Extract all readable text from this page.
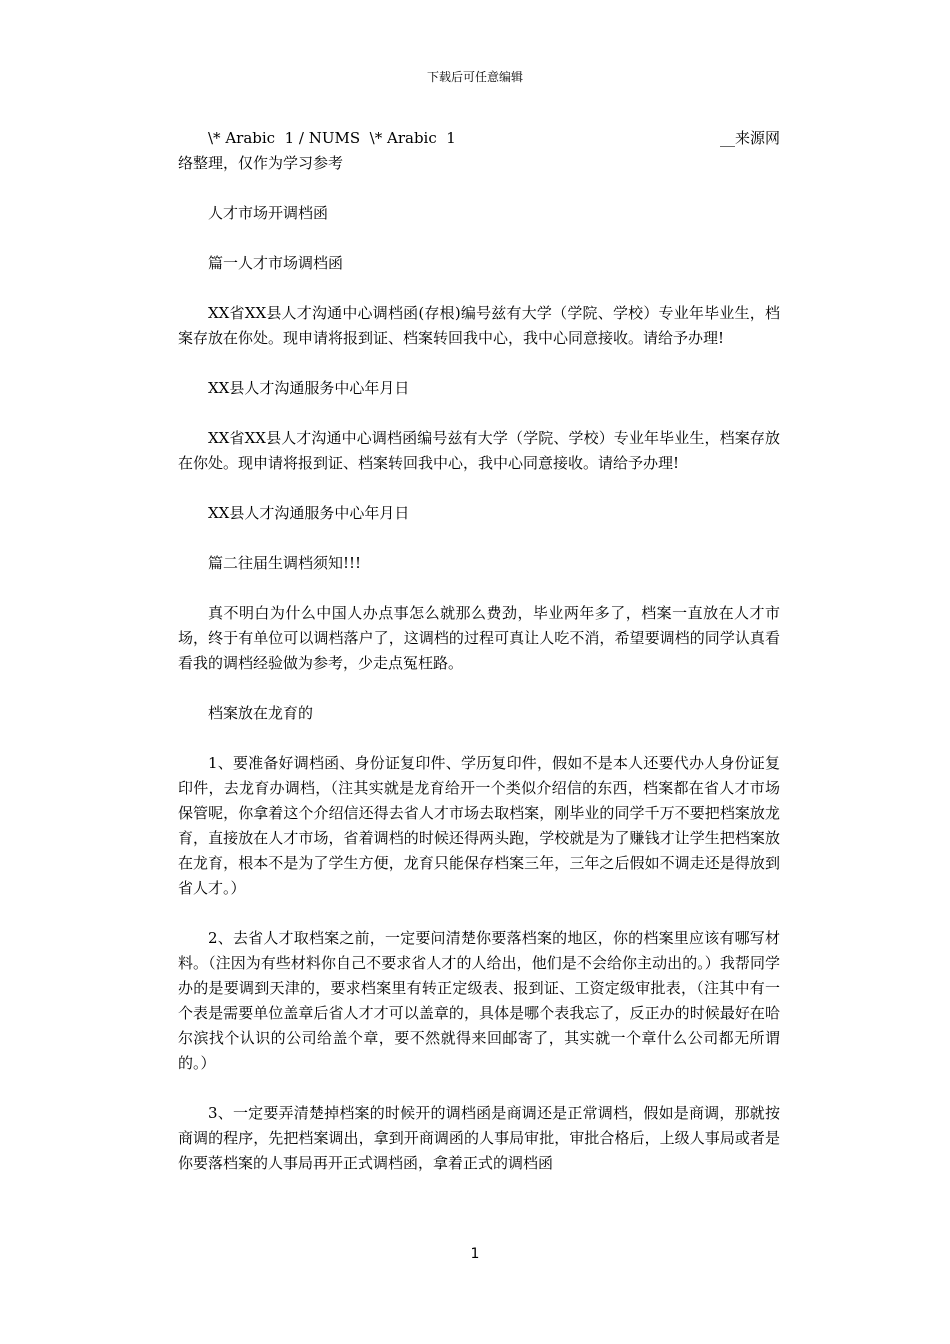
下载后可任意编辑
\* Arabic  1 / NUMS  \* Arabic  1	__来源网
络整理，仅作为学习参考

人才市场开调档函

篇一人才市场调档函

XX省XX县人才沟通中心调档函(存根)编号兹有大学（学院、学校）专业年毕业生，档案存放在你处。现申请将报到证、档案转回我中心，我中心同意接收。请给予办理!

XX县人才沟通服务中心年月日

XX省XX县人才沟通中心调档函编号兹有大学（学院、学校）专业年毕业生，档案存放在你处。现申请将报到证、档案转回我中心，我中心同意接收。请给予办理!

XX县人才沟通服务中心年月日

篇二往届生调档须知!!!

真不明白为什么中国人办点事怎么就那么费劲，毕业两年多了，档案一直放在人才市场，终于有单位可以调档落户了，这调档的过程可真让人吃不消，希望要调档的同学认真看看我的调档经验做为参考，少走点冤枉路。

档案放在龙育的

1、要准备好调档函、身份证复印件、学历复印件，假如不是本人还要代办人身份证复印件，去龙育办调档，（注其实就是龙育给开一个类似介绍信的东西，档案都在省人才市场保管呢，你拿着这个介绍信还得去省人才市场去取档案，刚毕业的同学千万不要把档案放龙育，直接放在人才市场，省着调档的时候还得两头跑，学校就是为了赚钱才让学生把档案放在龙育，根本不是为了学生方便，龙育只能保存档案三年，三年之后假如不调走还是得放到省人才。）

2、去省人才取档案之前，一定要问清楚你要落档案的地区，你的档案里应该有哪写材料。（注因为有些材料你自己不要求省人才的人给出，他们是不会给你主动出的。）我帮同学办的是要调到天津的，要求档案里有转正定级表、报到证、工资定级审批表，（注其中有一个表是需要单位盖章后省人才才可以盖章的，具体是哪个表我忘了，反正办的时候最好在哈尔滨找个认识的公司给盖个章，要不然就得来回邮寄了，其实就一个章什么公司都无所谓的。）

3、一定要弄清楚掉档案的时候开的调档函是商调还是正常调档，假如是商调，那就按商调的程序，先把档案调出，拿到开商调函的人事局审批，审批合格后，上级人事局或者是你要落档案的人事局再开正式调档函，拿着正式的调档函

1
